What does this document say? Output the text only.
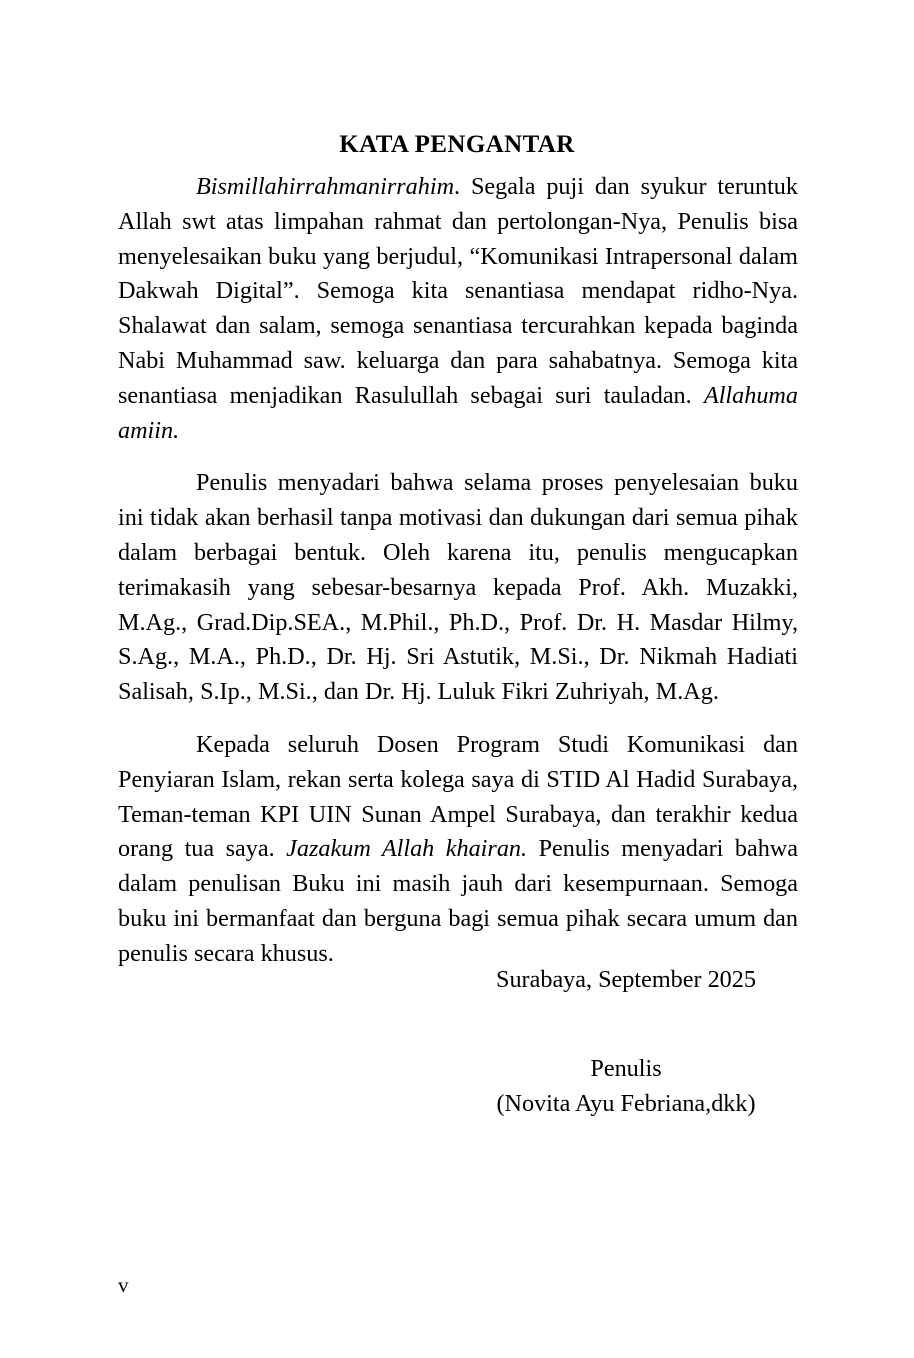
KATA PENGANTAR

Bismillahirrahmanirrahim. Segala puji dan syukur teruntuk Allah swt atas limpahan rahmat dan pertolongan-Nya, Penulis bisa menyelesaikan buku yang berjudul, “Komunikasi Intrapersonal dalam Dakwah Digital”. Semoga kita senantiasa mendapat ridho-Nya. Shalawat dan salam, semoga senantiasa tercurahkan kepada baginda Nabi Muhammad saw. keluarga dan para sahabatnya. Semoga kita senantiasa menjadikan Rasulullah sebagai suri tauladan. Allahuma amiin.

Penulis menyadari bahwa selama proses penyelesaian buku ini tidak akan berhasil tanpa motivasi dan dukungan dari semua pihak dalam berbagai bentuk. Oleh karena itu, penulis mengucapkan terimakasih yang sebesar-besarnya kepada Prof. Akh. Muzakki, M.Ag., Grad.Dip.SEA., M.Phil., Ph.D., Prof. Dr. H. Masdar Hilmy, S.Ag., M.A., Ph.D., Dr. Hj. Sri Astutik, M.Si., Dr. Nikmah Hadiati Salisah, S.Ip., M.Si., dan Dr. Hj. Luluk Fikri Zuhriyah, M.Ag.

Kepada seluruh Dosen Program Studi Komunikasi dan Penyiaran Islam, rekan serta kolega saya di STID Al Hadid Surabaya, Teman-teman KPI UIN Sunan Ampel Surabaya, dan terakhir kedua orang tua saya. Jazakum Allah khairan. Penulis menyadari bahwa dalam penulisan Buku ini masih jauh dari kesempurnaan. Semoga buku ini bermanfaat dan berguna bagi semua pihak secara umum dan penulis secara khusus.

Surabaya, September 2025

Penulis

(Novita Ayu Febriana,dkk)

v
